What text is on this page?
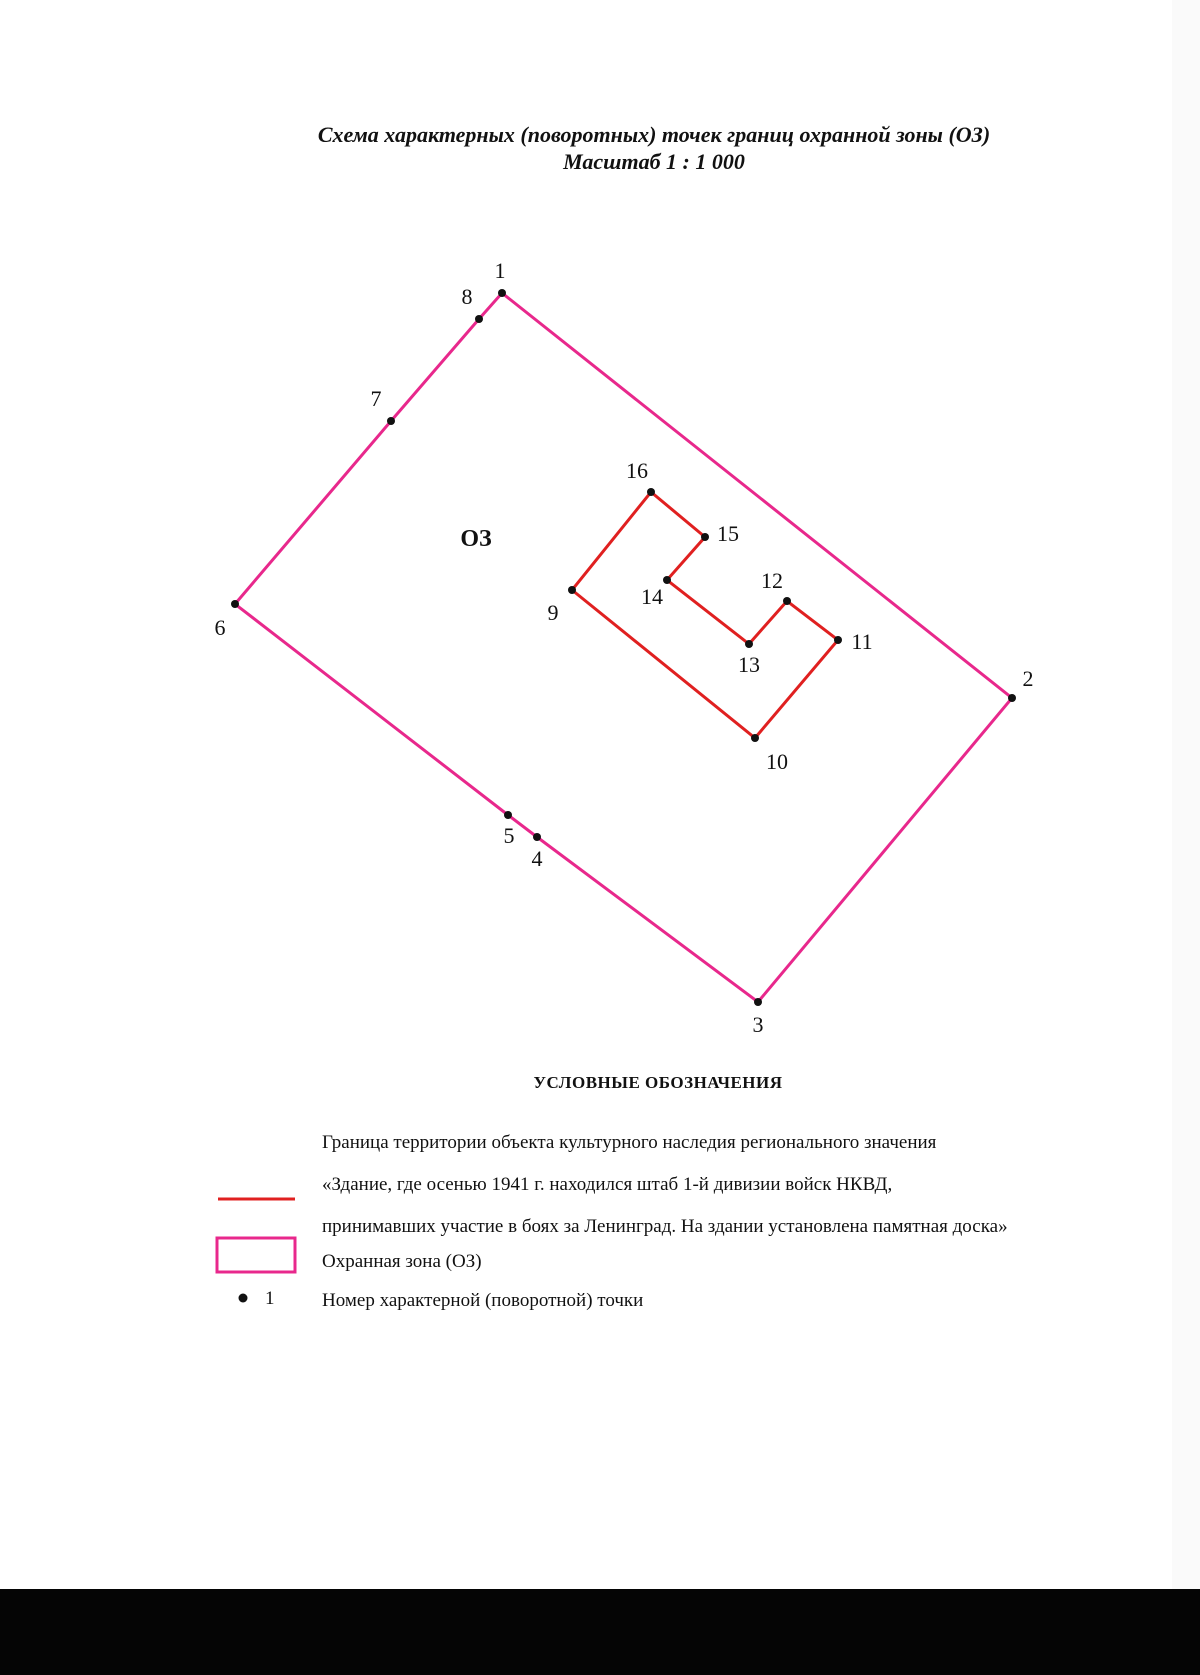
Схема характерных (поворотных) точек границ охранной зоны (ОЗ)
Масштаб 1 : 1 000
1
2
3
4
5
6
7
8
9
10
11
12
13
14
15
16
ОЗ
УСЛОВНЫЕ ОБОЗНАЧЕНИЯ
Граница территории объекта культурного наследия регионального значения
«Здание, где осенью 1941 г. находился штаб 1-й дивизии войск НКВД,
принимавших участие в боях за Ленинград. На здании установлена памятная доска»
Охранная зона (ОЗ)
1	Номер характерной (поворотной) точки
